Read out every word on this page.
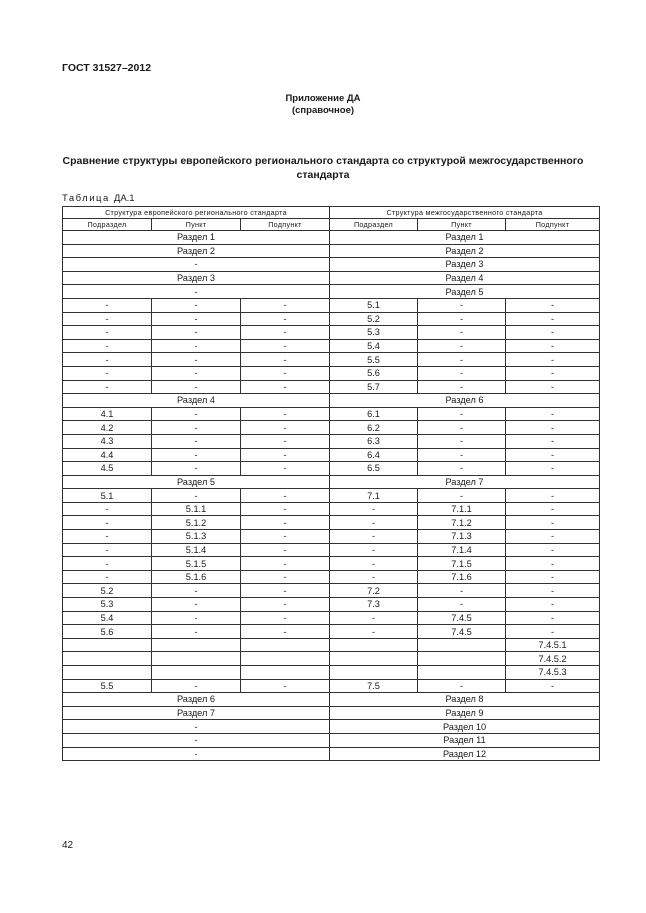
ГОСТ 31527–2012
Приложение ДА
(справочное)
Сравнение структуры европейского регионального стандарта со структурой межгосударственного стандарта
Таблица ДА.1
Структура европейского регионального стандарта			Структура межгосударственного стандарта		
Подраздел	Пункт	Подпункт	Подраздел	Пункт	Подпункт
Раздел 1			Раздел 1		
Раздел 2			Раздел 2		
-			Раздел 3		
Раздел 3			Раздел 4		
-			Раздел 5		
-	-	-	5.1	-	-
-	-	-	5.2	-	-
-	-	-	5.3	-	-
-	-	-	5.4	-	-
-	-	-	5.5	-	-
-	-	-	5.6	-	-
-	-	-	5.7	-	-
Раздел 4			Раздел 6		
4.1	-	-	6.1	-	-
4.2	-	-	6.2	-	-
4.3	-	-	6.3	-	-
4.4	-	-	6.4	-	-
4.5	-	-	6.5	-	-
Раздел 5			Раздел 7		
5.1	-	-	7.1	-	-
-	5.1.1	-	-	7.1.1	-
-	5.1.2	-	-	7.1.2	-
-	5.1.3	-	-	7.1.3	-
-	5.1.4	-	-	7.1.4	-
-	5.1.5	-	-	7.1.5	-
-	5.1.6	-	-	7.1.6	-
5.2	-	-	7.2	-	-
5.3	-	-	7.3	-	-
5.4	-	-	-	7.4.5	-
5.6	-	-	-	7.4.5	-
					7.4.5.1
					7.4.5.2
					7.4.5.3
5.5	-	-	7.5	-	-
Раздел 6			Раздел 8		
Раздел 7			Раздел 9		
-			Раздел 10		
-			Раздел 11		
-			Раздел 12		
42
